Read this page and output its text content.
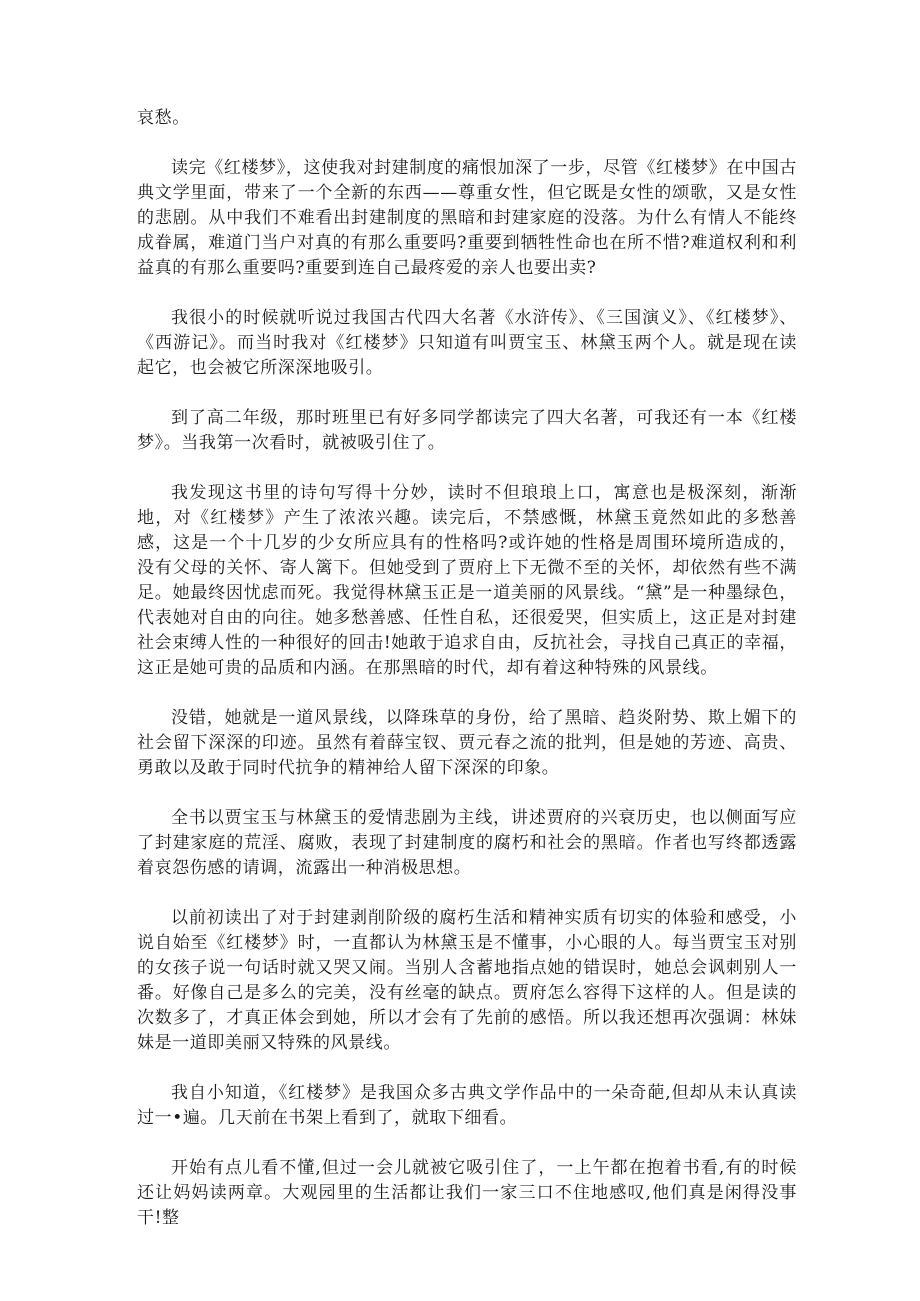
哀愁。

读完《红楼梦》，这使我对封建制度的痛恨加深了一步，尽管《红楼梦》在中国古典文学里面，带来了一个全新的东西——尊重女性，但它既是女性的颂歌，又是女性的悲剧。从中我们不难看出封建制度的黑暗和封建家庭的没落。为什么有情人不能终成眷属，难道门当户对真的有那么重要吗?重要到牺牲性命也在所不惜?难道权利和利益真的有那么重要吗?重要到连自己最疼爱的亲人也要出卖?

我很小的时候就听说过我国古代四大名著《水浒传》、《三国演义》、《红楼梦》、《西游记》。而当时我对《红楼梦》只知道有叫贾宝玉、林黛玉两个人。就是现在读起它，也会被它所深深地吸引。

到了高二年级，那时班里已有好多同学都读完了四大名著，可我还有一本《红楼梦》。当我第一次看时，就被吸引住了。

我发现这书里的诗句写得十分妙，读时不但琅琅上口，寓意也是极深刻，渐渐地，对《红楼梦》产生了浓浓兴趣。读完后，不禁感慨，林黛玉竟然如此的多愁善感，这是一个十几岁的少女所应具有的性格吗?或许她的性格是周围环境所造成的，没有父母的关怀、寄人篱下。但她受到了贾府上下无微不至的关怀，却依然有些不满足。她最终因忧虑而死。我觉得林黛玉正是一道美丽的风景线。“黛”是一种墨绿色，代表她对自由的向往。她多愁善感、任性自私，还很爱哭，但实质上，这正是对封建社会束缚人性的一种很好的回击!她敢于追求自由，反抗社会，寻找自己真正的幸福，这正是她可贵的品质和内涵。在那黑暗的时代，却有着这种特殊的风景线。

没错，她就是一道风景线，以降珠草的身份，给了黑暗、趋炎附势、欺上媚下的社会留下深深的印迹。虽然有着薛宝钗、贾元春之流的批判，但是她的芳迹、高贵、勇敢以及敢于同时代抗争的精神给人留下深深的印象。

全书以贾宝玉与林黛玉的爱情悲剧为主线，讲述贾府的兴衰历史，也以侧面写应了封建家庭的荒淫、腐败，表现了封建制度的腐朽和社会的黑暗。作者也写终都透露着哀怨伤感的请调，流露出一种消极思想。

以前初读出了对于封建剥削阶级的腐朽生活和精神实质有切实的体验和感受，小说自始至《红楼梦》时，一直都认为林黛玉是不懂事，小心眼的人。每当贾宝玉对别的女孩子说一句话时就又哭又闹。当别人含蓄地指点她的错误时，她总会讽刺别人一番。好像自己是多么的完美，没有丝毫的缺点。贾府怎么容得下这样的人。但是读的次数多了，才真正体会到她，所以才会有了先前的感悟。所以我还想再次强调：林妹妹是一道即美丽又特殊的风景线。

我自小知道，《红楼梦》是我国众多古典文学作品中的一朵奇葩,但却从未认真读过一•遍。几天前在书架上看到了，就取下细看。

开始有点儿看不懂,但过一会儿就被它吸引住了，一上午都在抱着书看,有的时候还让妈妈读两章。大观园里的生活都让我们一家三口不住地感叹,他们真是闲得没事干!整
